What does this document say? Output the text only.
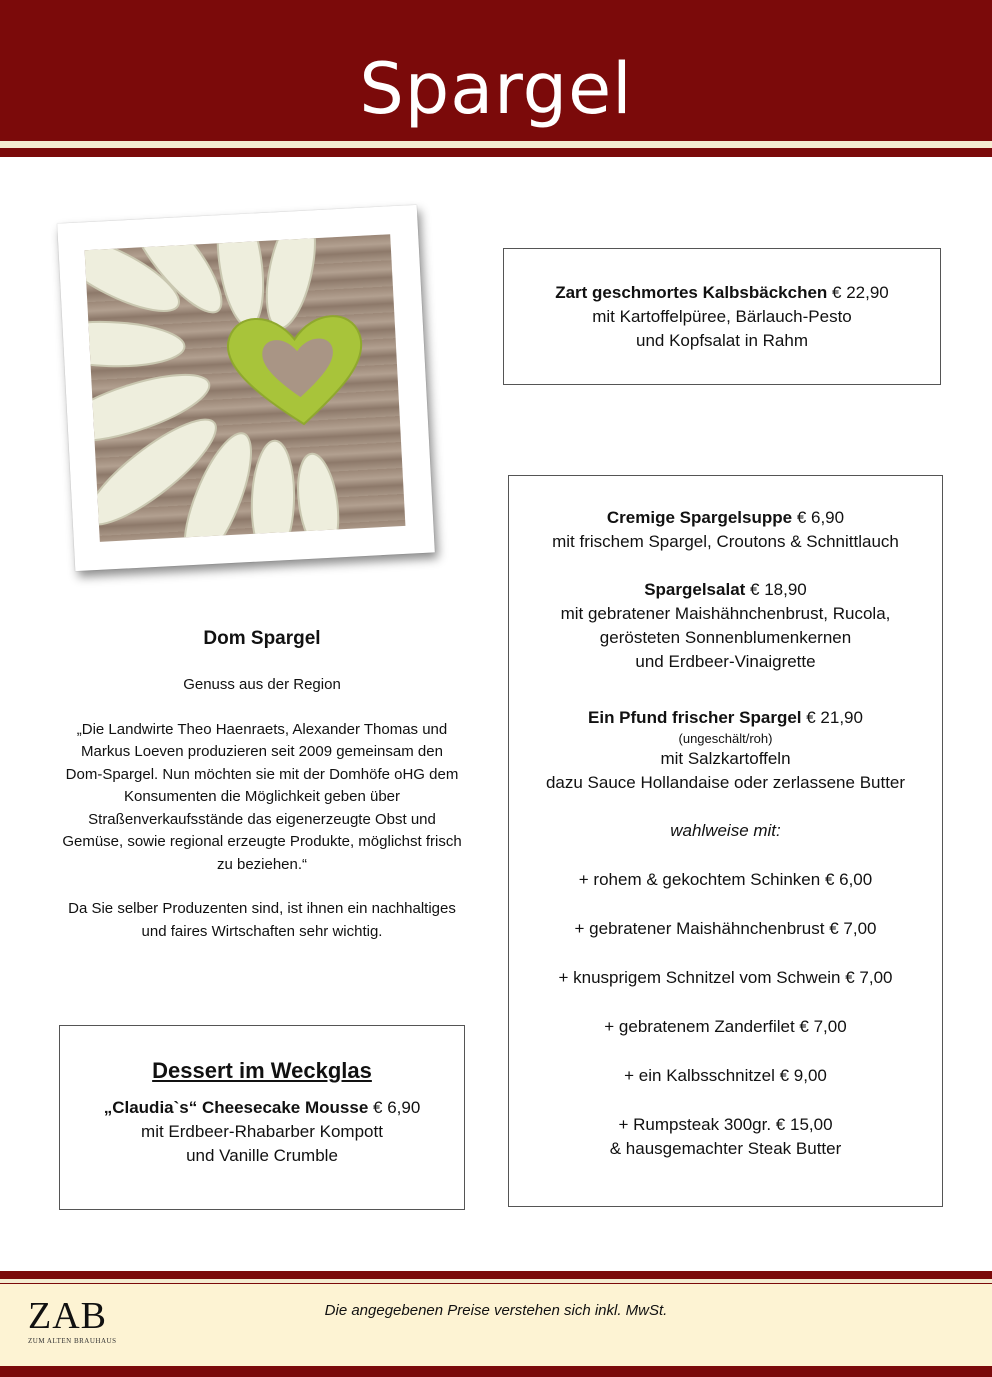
Spargel
Zart geschmortes Kalbsbäckchen € 22,90
mit Kartoffelpüree, Bärlauch-Pesto
und Kopfsalat in Rahm
Cremige Spargelsuppe € 6,90
mit frischem Spargel, Croutons & Schnittlauch
Spargelsalat € 18,90
mit gebratener Maishähnchenbrust, Rucola,
gerösteten Sonnenblumenkernen
und Erdbeer-Vinaigrette
Ein Pfund frischer Spargel € 21,90
(ungeschält/roh)
mit Salzkartoffeln
dazu Sauce Hollandaise oder zerlassene Butter
wahlweise mit:
+ rohem & gekochtem Schinken € 6,00
+ gebratener Maishähnchenbrust € 7,00
+ knusprigem Schnitzel vom Schwein € 7,00
+ gebratenem Zanderfilet € 7,00
+ ein Kalbsschnitzel € 9,00
+ Rumpsteak 300gr. € 15,00
& hausgemachter Steak Butter
Dom Spargel
Genuss aus der Region
„Die Landwirte Theo Haenraets, Alexander Thomas und Markus Loeven produzieren seit 2009 gemeinsam den Dom-Spargel. Nun möchten sie mit der Domhöfe oHG dem Konsumenten die Möglichkeit geben über Straßenverkaufsstände das eigenerzeugte Obst und Gemüse, sowie regional erzeugte Produkte, möglichst frisch zu beziehen.“
Da Sie selber Produzenten sind, ist ihnen ein nachhaltiges und faires Wirtschaften sehr wichtig.
Dessert im Weckglas
„Claudia`s“ Cheesecake Mousse € 6,90
mit Erdbeer-Rhabarber Kompott
und Vanille Crumble
ZAB
ZUM ALTEN BRAUHAUS
Die angegebenen Preise verstehen sich inkl. MwSt.
